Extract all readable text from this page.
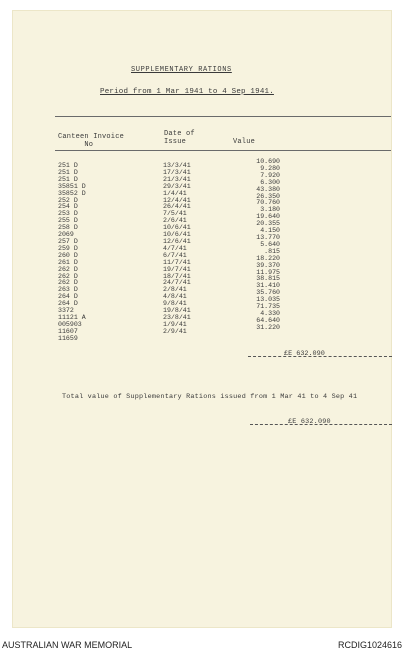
SUPPLEMENTARY RATIONS
Period from 1 Mar 1941 to 4 Sep 1941.
Canteen Invoice
No
Date of
Issue	Value
251 D
251 D
251 D
35851 D
35852 D
252 D
254 D
253 D
255 D
258 D
2069
257 D
259 D
260 D
261 D
262 D
262 D
262 D
263 D
264 D
264 D
3372
11121 A
005903
11607
11659
13/3/41
17/3/41
21/3/41
29/3/41
1/4/41
12/4/41
26/4/41
7/5/41
2/6/41
10/6/41
10/6/41
12/6/41
4/7/41
6/7/41
11/7/41
19/7/41
18/7/41
24/7/41
2/8/41
4/8/41
9/8/41
19/8/41
23/8/41
1/9/41
2/9/41
10.690
9.280
7.920
6.300
43.380
26.350
70.760
3.180
19.640
20.355
4.150
13.770
5.640
.815
18.220
39.370
11.975
38.815
31.410
35.760
13.035
71.735
4.330
64.640
31.220
£E 632.090
Total value of Supplementary Rations issued from 1 Mar 41 to 4 Sep 41
£E 632.090
AUSTRALIAN WAR MEMORIAL	RCDIG1024616
